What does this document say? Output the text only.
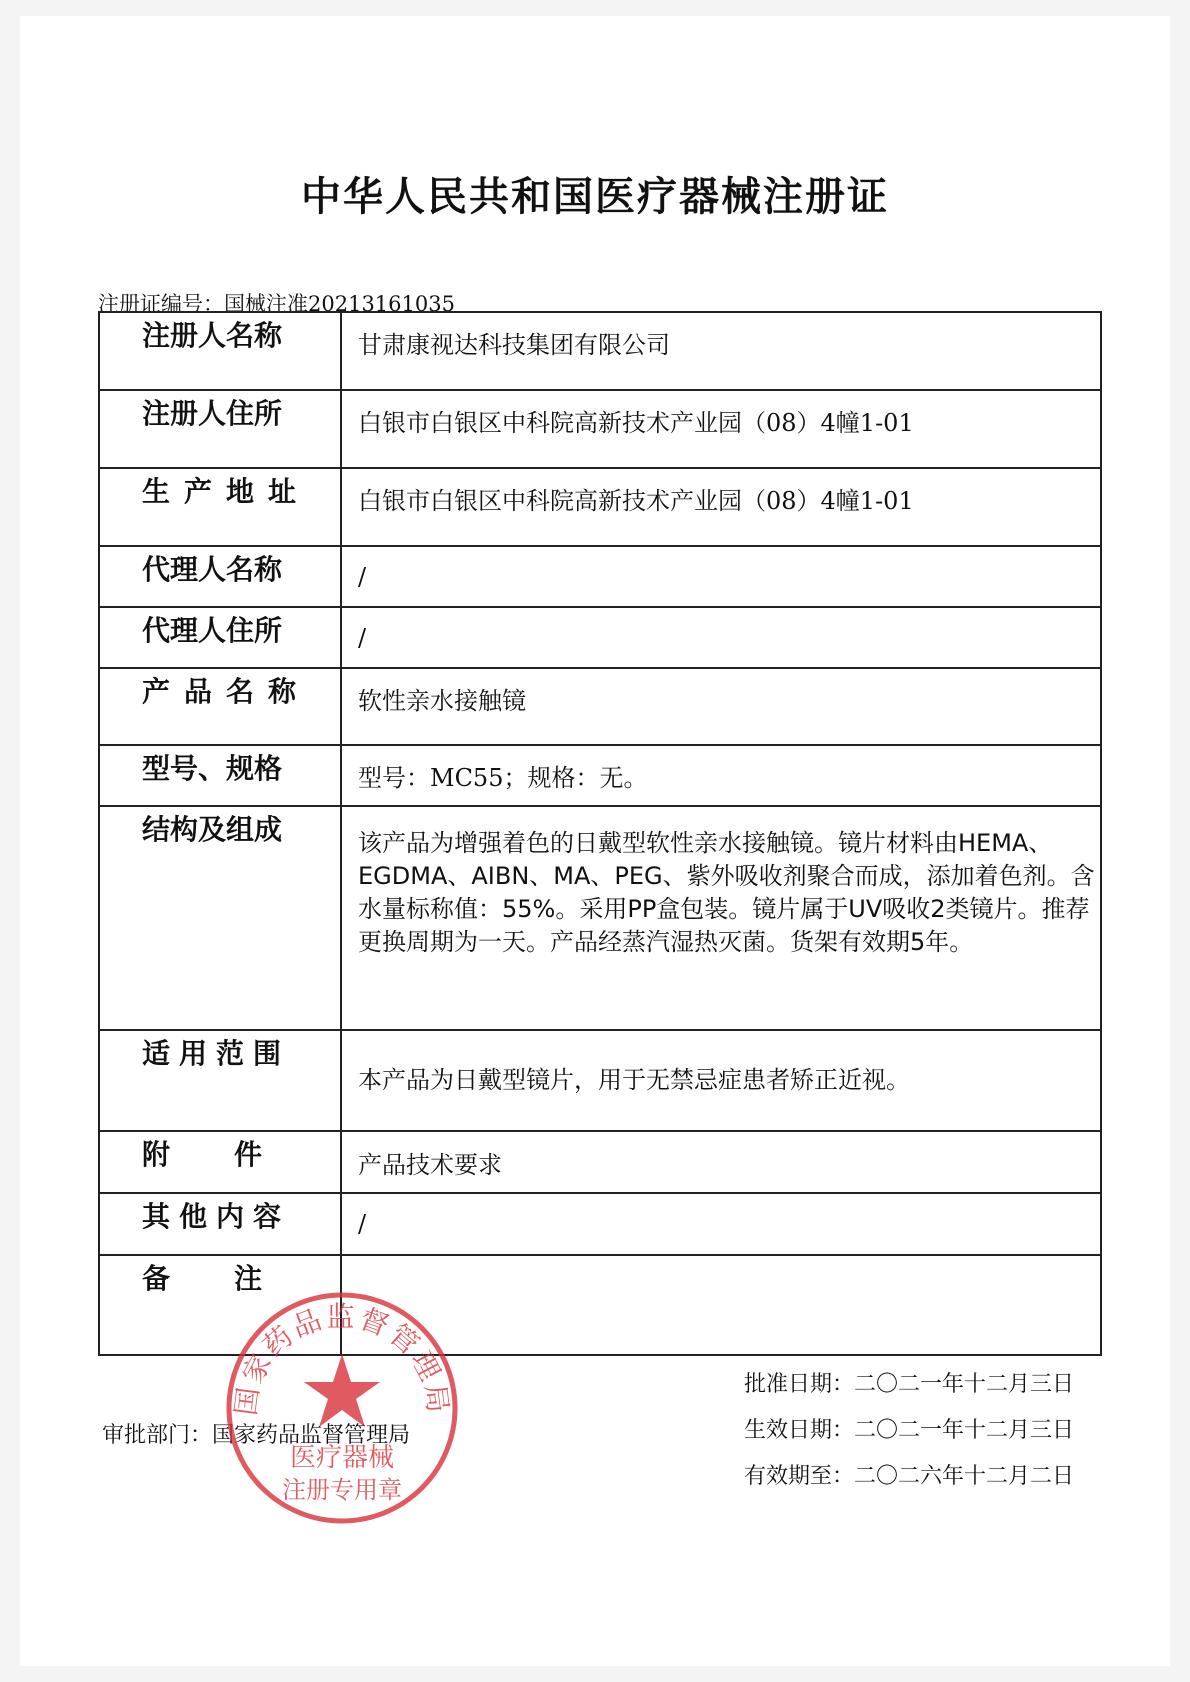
中华人民共和国医疗器械注册证
注册证编号：国械注准20213161035
注册人名称	甘肃康视达科技集团有限公司
注册人住所	白银市白银区中科院高新技术产业园（08）4幢1-01
生产地址	白银市白银区中科院高新技术产业园（08）4幢1-01
代理人名称	/
代理人住所	/
产品名称	软性亲水接触镜
型号、规格	型号：MC55；规格：无。
结构及组成	该产品为增强着色的日戴型软性亲水接触镜。镜片材料由HEMA、EGDMA、AIBN、MA、PEG、紫外吸收剂聚合而成，添加着色剂。含水量标称值：55%。采用PP盒包装。镜片属于UV吸收2类镜片。推荐更换周期为一天。产品经蒸汽湿热灭菌。货架有效期5年。
适用范围	本产品为日戴型镜片，用于无禁忌症患者矫正近视。
附件	产品技术要求
其他内容	/
备注	
审批部门：国家药品监督管理局
批准日期：二〇二一年十二月三日
生效日期：二〇二一年十二月三日
有效期至：二〇二六年十二月二日
国家药品监督管理局
医疗器械
注册专用章
